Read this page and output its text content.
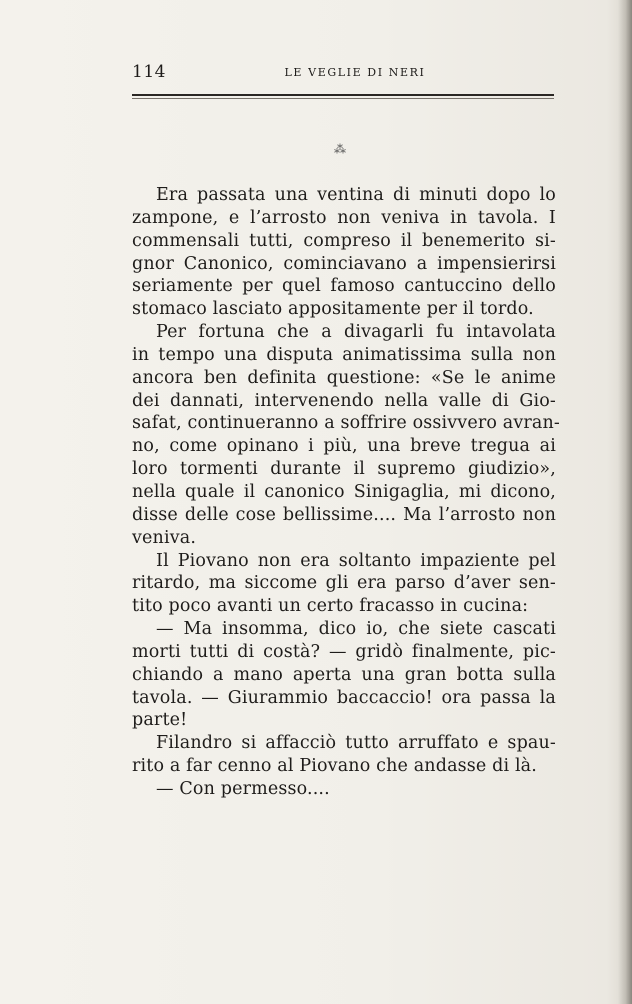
114	LE VEGLIE DI NERI
⁂
Era passata una ventina di minuti dopo lo
zampone, e l’arrosto non veniva in tavola. I
commensali tutti, compreso il benemerito si-
gnor Canonico, cominciavano a impensierirsi
seriamente per quel famoso cantuccino dello
stomaco lasciato appositamente per il tordo.
Per fortuna che a divagarli fu intavolata
in tempo una disputa animatissima sulla non
ancora ben definita questione: «Se le anime
dei dannati, intervenendo nella valle di Gio-
safat, continueranno a soffrire ossivvero avran-
no, come opinano i più, una breve tregua ai
loro tormenti durante il supremo giudizio»,
nella quale il canonico Sinigaglia, mi dicono,
disse delle cose bellissime.... Ma l’arrosto non
veniva.
Il Piovano non era soltanto impaziente pel
ritardo, ma siccome gli era parso d’aver sen-
tito poco avanti un certo fracasso in cucina:
— Ma insomma, dico io, che siete cascati
morti tutti di costà? — gridò finalmente, pic-
chiando a mano aperta una gran botta sulla
tavola. — Giurammio baccaccio! ora passa la
parte!
Filandro si affacciò tutto arruffato e spau-
rito a far cenno al Piovano che andasse di là.
— Con permesso....
